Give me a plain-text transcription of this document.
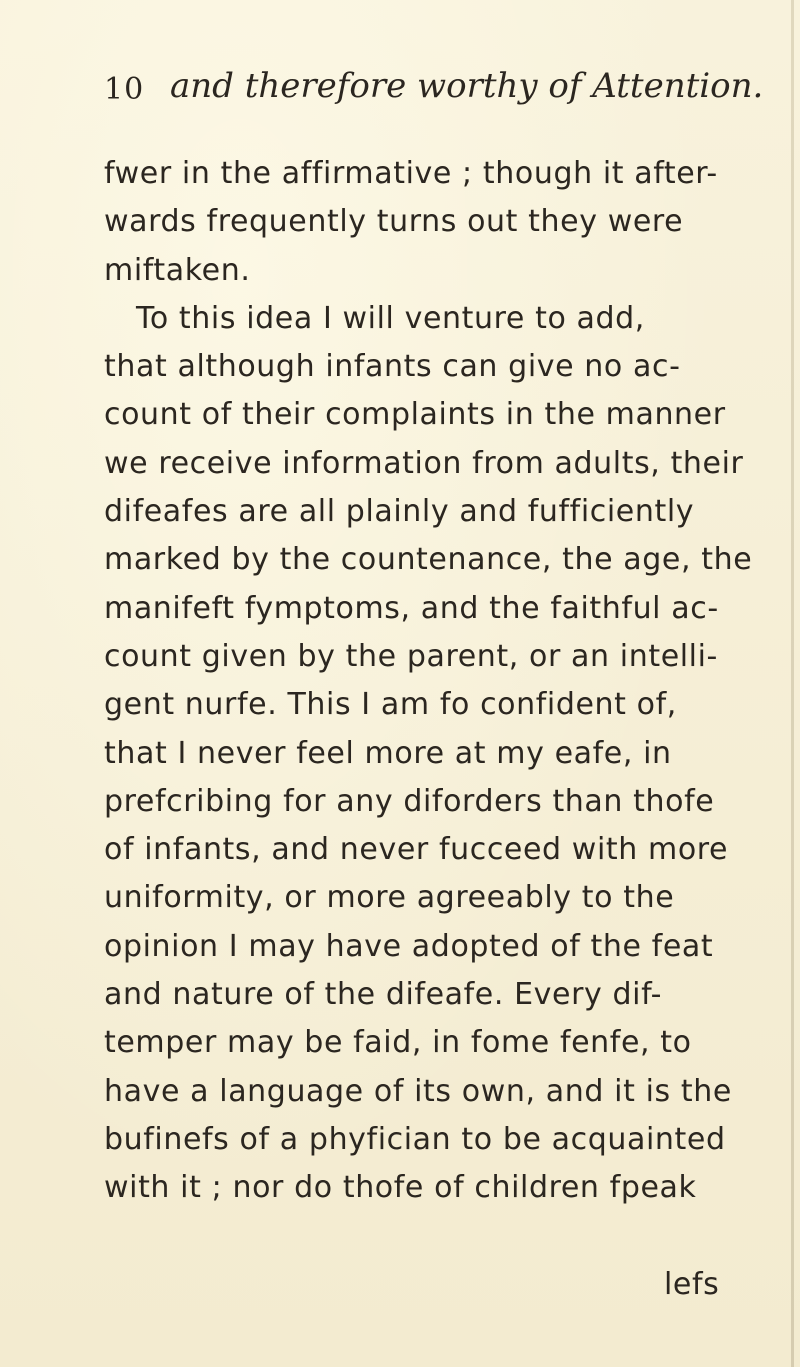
10 and therefore worthy of Attention.
fwer in the affirmative ; though it after-
wards frequently turns out they were
miftaken.
To this idea I will venture to add,
that although infants can give no ac-
count of their complaints in the manner
we receive information from adults, their
difeafes are all plainly and fufficiently
marked by the countenance, the age, the
manifeft fymptoms, and the faithful ac-
count given by the parent, or an intelli-
gent nurfe. This I am fo confident of,
that I never feel more at my eafe, in
prefcribing for any diforders than thofe
of infants, and never fucceed with more
uniformity, or more agreeably to the
opinion I may have adopted of the feat
and nature of the difeafe. Every dif-
temper may be faid, in fome fenfe, to
have a language of its own, and it is the
bufinefs of a phyfician to be acquainted
with it ; nor do thofe of children fpeak
lefs
